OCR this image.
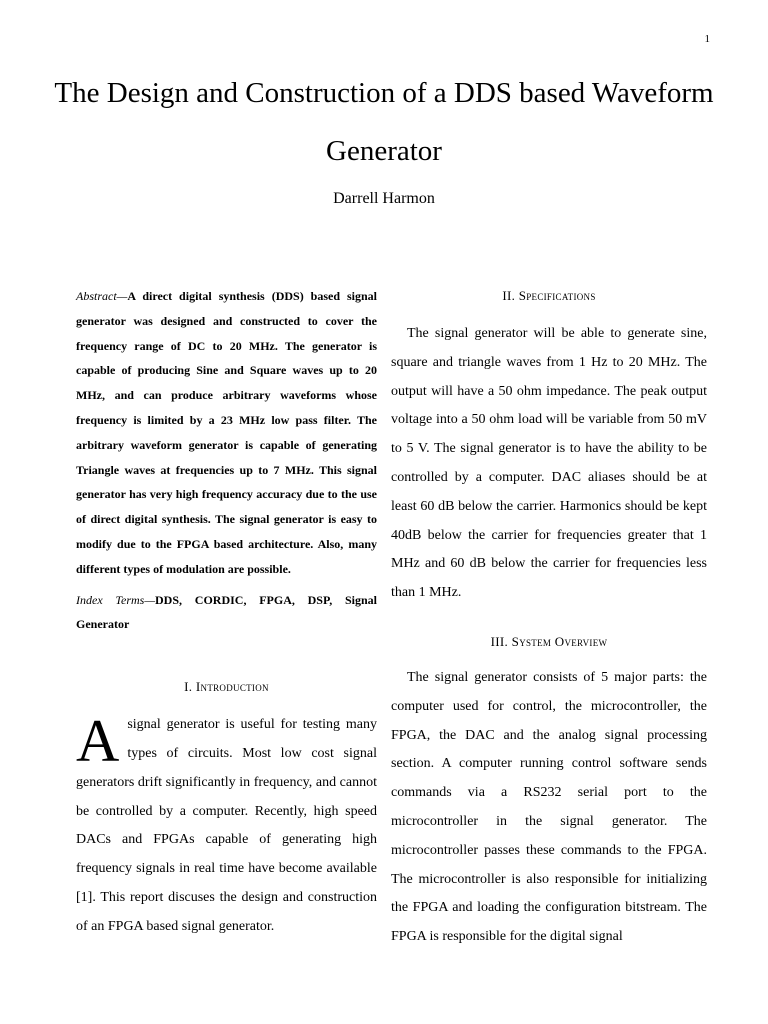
1
The Design and Construction of a DDS based Waveform Generator
Darrell Harmon

Abstract—A direct digital synthesis (DDS) based signal generator was designed and constructed to cover the frequency range of DC to 20 MHz. The generator is capable of producing Sine and Square waves up to 20 MHz, and can produce arbitrary waveforms whose frequency is limited by a 23 MHz low pass filter. The arbitrary waveform generator is capable of generating Triangle waves at frequencies up to 7 MHz. This signal generator has very high frequency accuracy due to the use of direct digital synthesis. The signal generator is easy to modify due to the FPGA based architecture. Also, many different types of modulation are possible.

Index Terms—DDS, CORDIC, FPGA, DSP, Signal Generator

I. Introduction

Asignal generator is useful for testing many types of circuits. Most low cost signal generators drift significantly in frequency, and cannot be controlled by a computer. Recently, high speed DACs and FPGAs capable of generating high frequency signals in real time have become available [1]. This report discuses the design and construction of an FPGA based signal generator.

II. Specifications

The signal generator will be able to generate sine, square and triangle waves from 1 Hz to 20 MHz. The output will have a 50 ohm impedance. The peak output voltage into a 50 ohm load will be variable from 50 mV to 5 V. The signal generator is to have the ability to be controlled by a computer. DAC aliases should be at least 60 dB below the carrier. Harmonics should be kept 40dB below the carrier for frequencies greater that 1 MHz and 60 dB below the carrier for frequencies less than 1 MHz.

III. System Overview

The signal generator consists of 5 major parts: the computer used for control, the microcontroller, the FPGA, the DAC and the analog signal processing section. A computer running control software sends commands via a RS232 serial port to the microcontroller in the signal generator. The microcontroller passes these commands to the FPGA. The microcontroller is also responsible for initializing the FPGA and loading the configuration bitstream. The FPGA is responsible for the digital signal
